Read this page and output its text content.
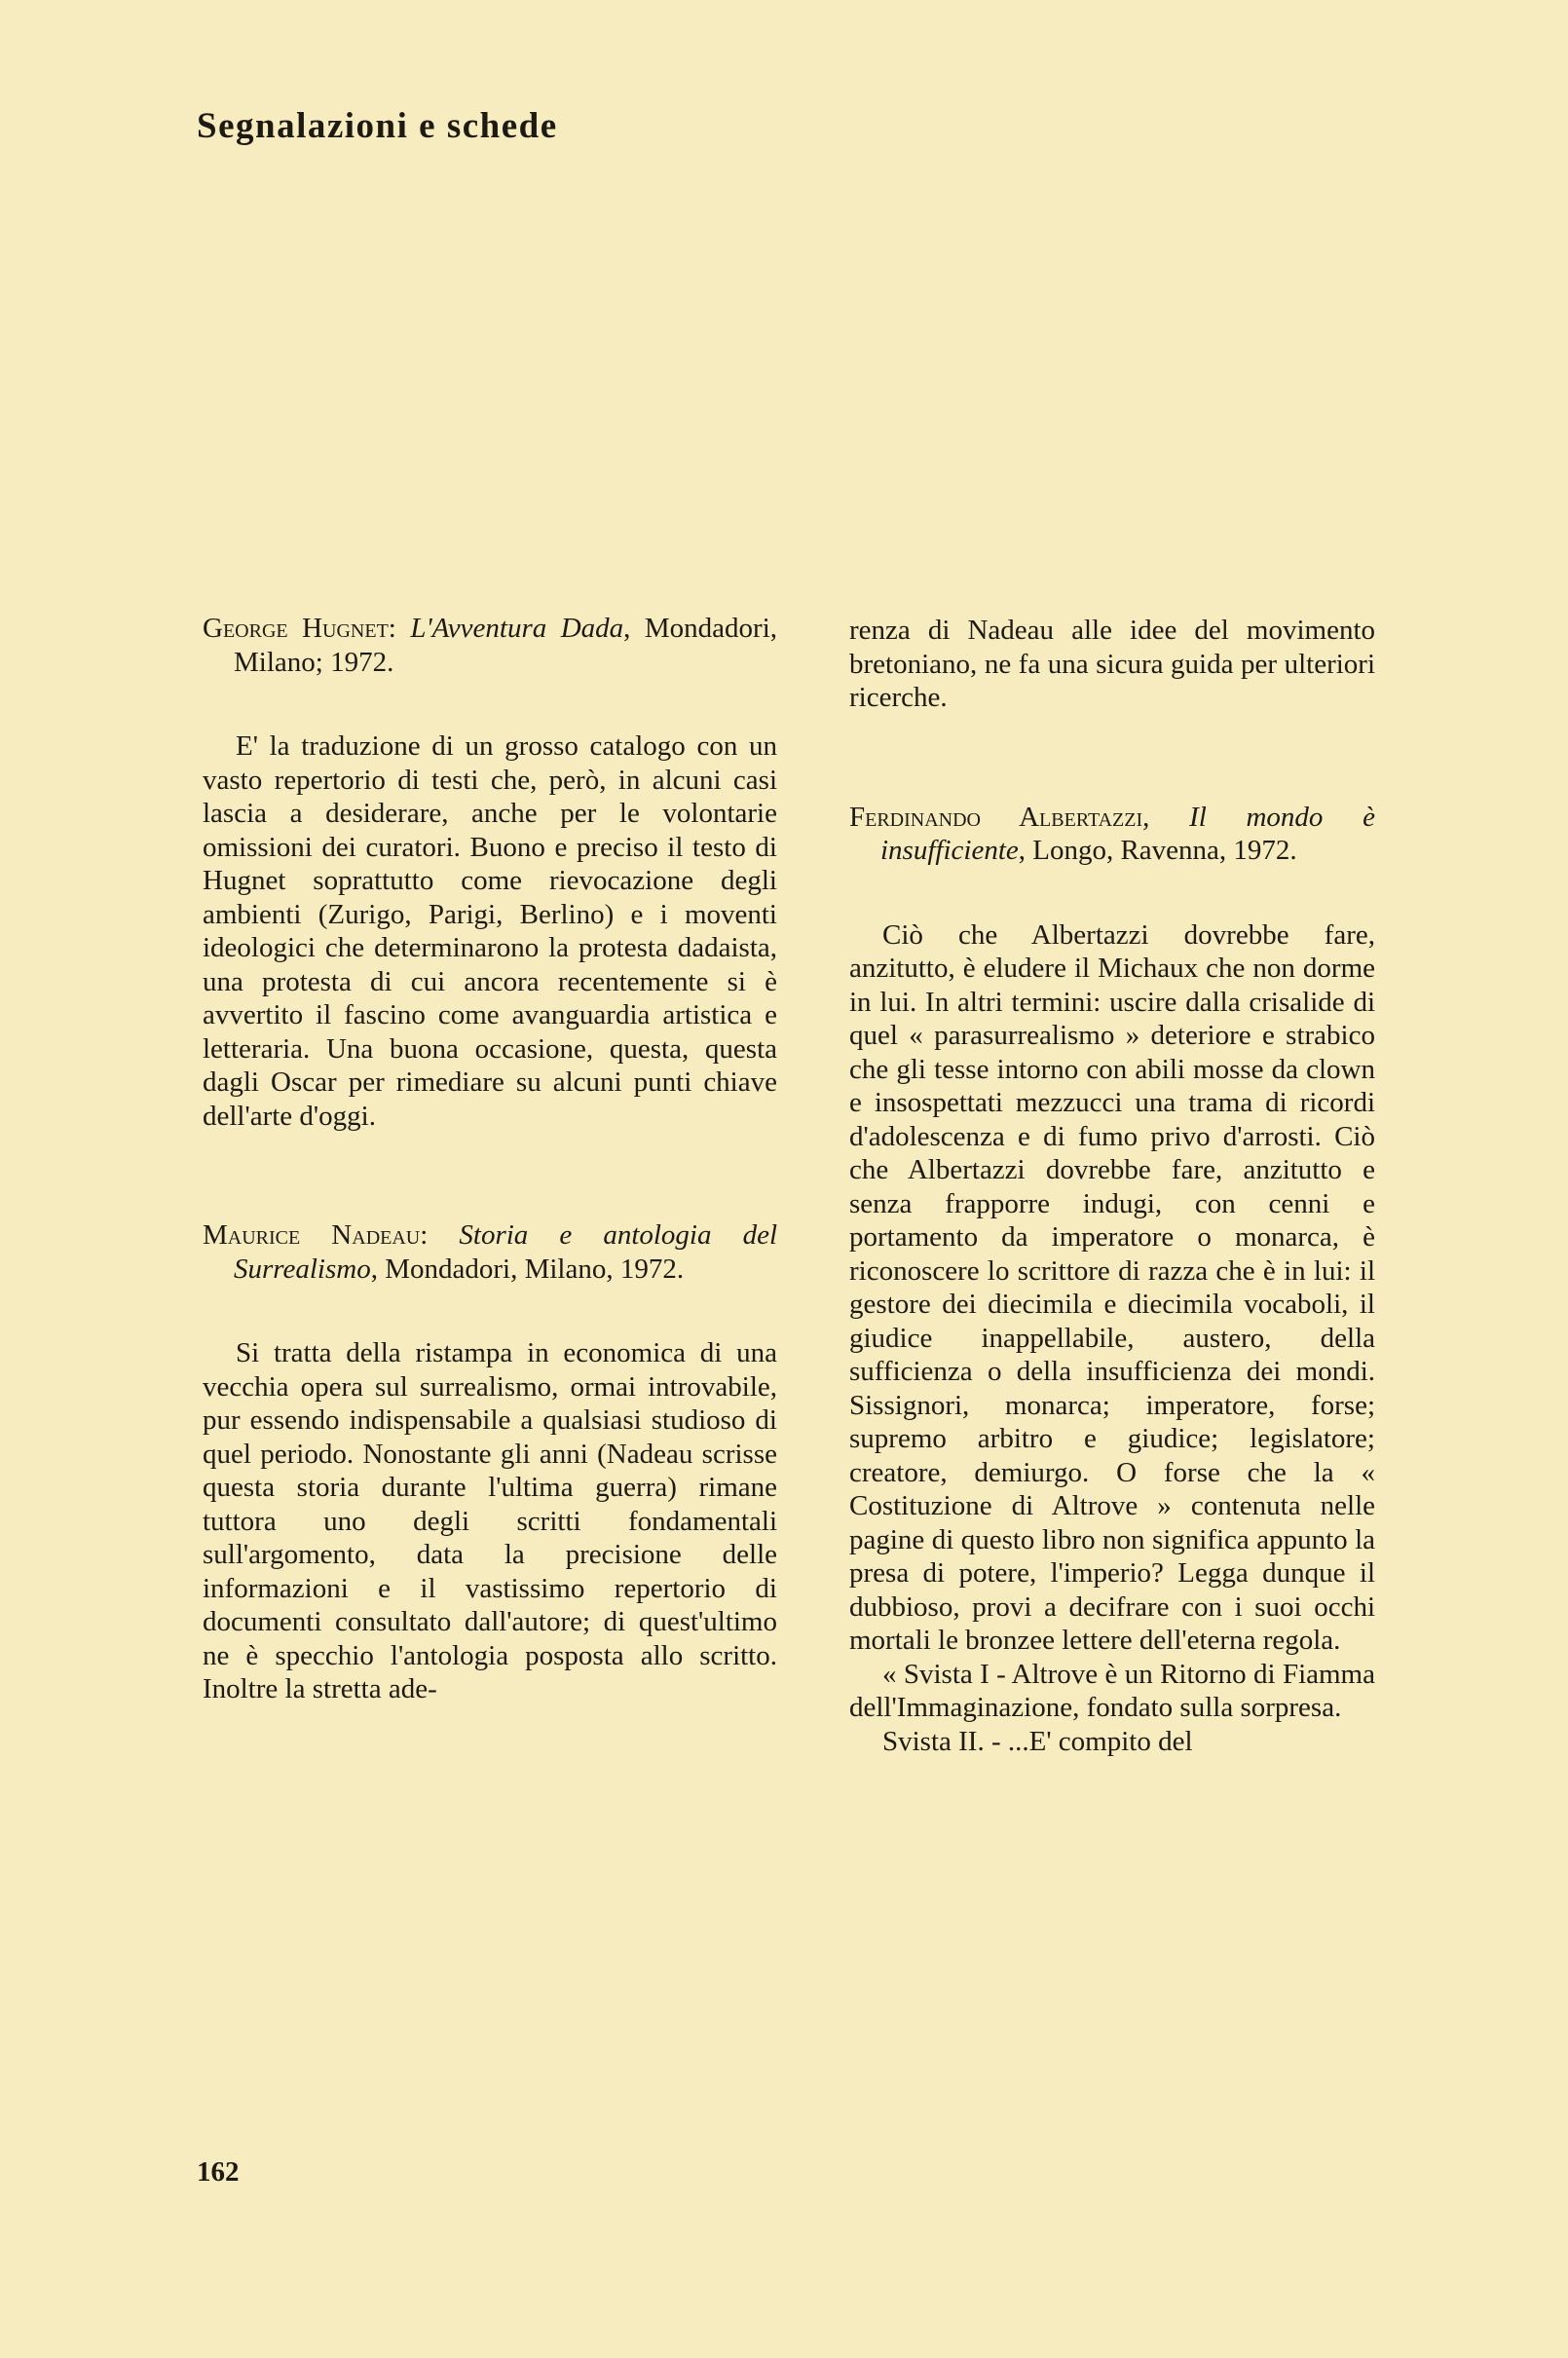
Segnalazioni e schede

George Hugnet: L'Avventura Dada, Mondadori, Milano; 1972.

E' la traduzione di un grosso catalogo con un vasto repertorio di testi che, però, in alcuni casi lascia a desiderare, anche per le volontarie omissioni dei curatori. Buono e preciso il testo di Hugnet soprattutto come rievocazione degli ambienti (Zurigo, Parigi, Berlino) e i moventi ideologici che determinarono la protesta dadaista, una protesta di cui ancora recentemente si è avvertito il fascino come avanguardia artistica e letteraria. Una buona occasione, questa, questa dagli Oscar per rimediare su alcuni punti chiave dell'arte d'oggi.

Maurice Nadeau: Storia e antologia del Surrealismo, Mondadori, Milano, 1972.

Si tratta della ristampa in economica di una vecchia opera sul surrealismo, ormai introvabile, pur essendo indispensabile a qualsiasi studioso di quel periodo. Nonostante gli anni (Nadeau scrisse questa storia durante l'ultima guerra) rimane tuttora uno degli scritti fondamentali sull'argomento, data la precisione delle informazioni e il vastissimo repertorio di documenti consultato dall'autore; di quest'ultimo ne è specchio l'antologia posposta allo scritto. Inoltre la stretta ade-

renza di Nadeau alle idee del movimento bretoniano, ne fa una sicura guida per ulteriori ricerche.

Ferdinando Albertazzi, Il mondo è insufficiente, Longo, Ravenna, 1972.

Ciò che Albertazzi dovrebbe fare, anzitutto, è eludere il Michaux che non dorme in lui. In altri termini: uscire dalla crisalide di quel « parasurrealismo » deteriore e strabico che gli tesse intorno con abili mosse da clown e insospettati mezzucci una trama di ricordi d'adolescenza e di fumo privo d'arrosti. Ciò che Albertazzi dovrebbe fare, anzitutto e senza frapporre indugi, con cenni e portamento da imperatore o monarca, è riconoscere lo scrittore di razza che è in lui: il gestore dei diecimila e diecimila vocaboli, il giudice inappellabile, austero, della sufficienza o della insufficienza dei mondi. Sissignori, monarca; imperatore, forse; supremo arbitro e giudice; legislatore; creatore, demiurgo. O forse che la « Costituzione di Altrove » contenuta nelle pagine di questo libro non significa appunto la presa di potere, l'imperio? Legga dunque il dubbioso, provi a decifrare con i suoi occhi mortali le bronzee lettere dell'eterna regola.

« Svista I - Altrove è un Ritorno di Fiamma dell'Immaginazione, fondato sulla sorpresa.

Svista II. - ...E' compito del

162
